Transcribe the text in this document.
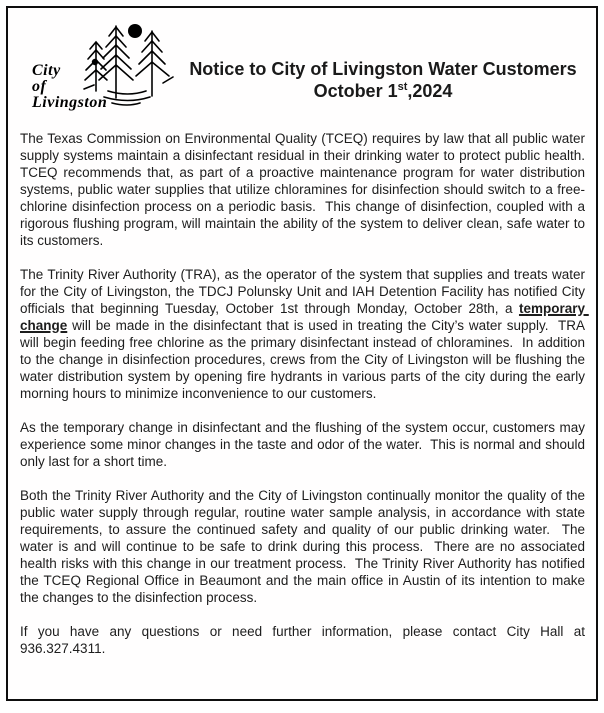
City
of
Livingston
Notice to City of Livingston Water Customers
October 1st,2024

The Texas Commission on Environmental Quality (TCEQ) requires by law that all public water supply systems maintain a disinfectant residual in their drinking water to protect public health.  TCEQ recommends that, as part of a proactive maintenance program for water distribution systems, public water supplies that utilize chloramines for disinfection should switch to a free-chlorine disinfection process on a periodic basis.  This change of disinfection, coupled with a rigorous flushing program, will maintain the ability of the system to deliver clean, safe water to its customers.

The Trinity River Authority (TRA), as the operator of the system that supplies and treats water for the City of Livingston, the TDCJ Polunsky Unit and IAH Detention Facility has notified City officials that beginning Tuesday, October 1st through Monday, October 28th, a temporary change will be made in the disinfectant that is used in treating the City’s water supply.  TRA will begin feeding free chlorine as the primary disinfectant instead of chloramines.  In addition to the change in disinfection procedures, crews from the City of Livingston will be flushing the water distribution system by opening fire hydrants in various parts of the city during the early morning hours to minimize inconvenience to our customers.

As the temporary change in disinfectant and the flushing of the system occur, customers may experience some minor changes in the taste and odor of the water.  This is normal and should only last for a short time.

Both the Trinity River Authority and the City of Livingston continually monitor the quality of the public water supply through regular, routine water sample analysis, in accordance with state requirements, to assure the continued safety and quality of our public drinking water.  The water is and will continue to be safe to drink during this process.  There are no associated health risks with this change in our treatment process.  The Trinity River Authority has notified the TCEQ Regional Office in Beaumont and the main office in Austin of its intention to make the changes to the disinfection process.

If you have any questions or need further information, please contact City Hall at 936.327.4311.
